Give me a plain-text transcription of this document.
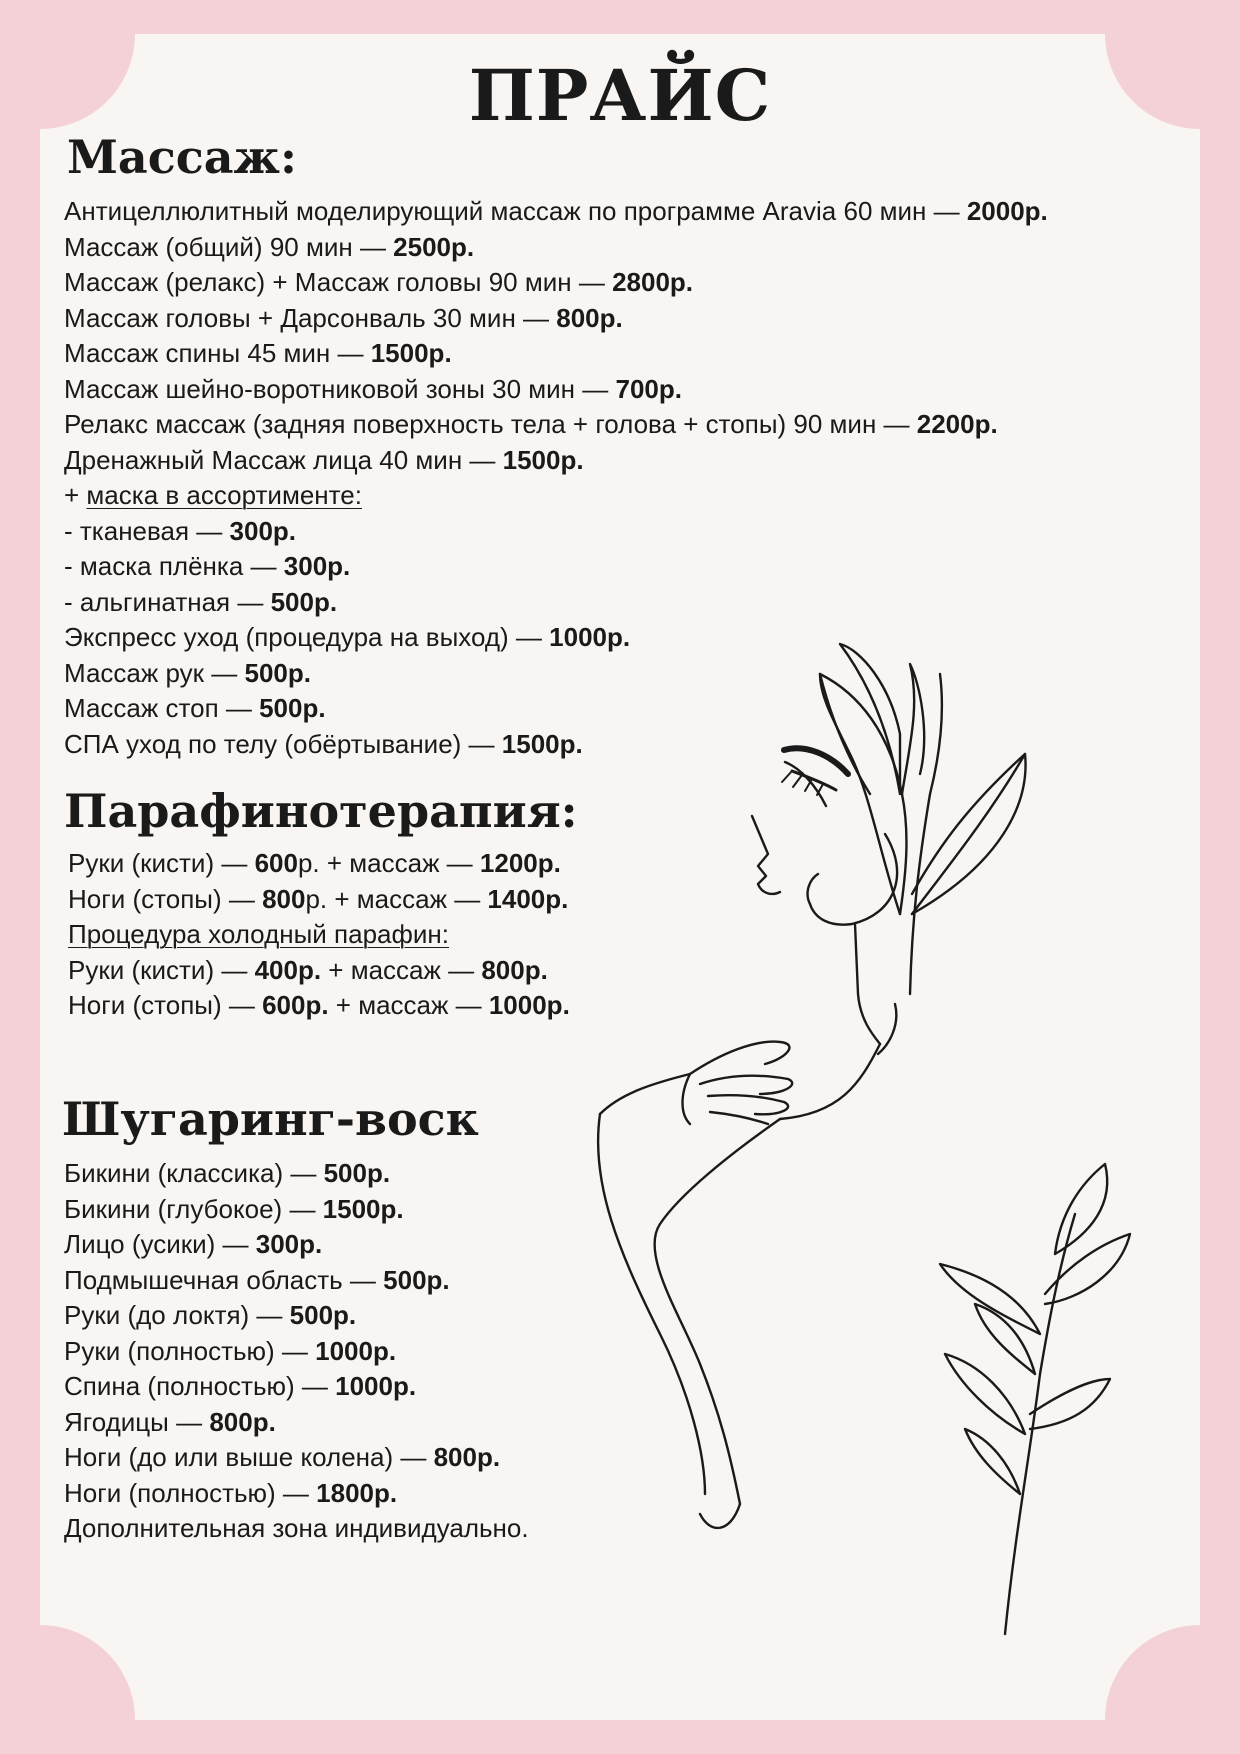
ПРАЙС
Массаж:
Антицеллюлитный моделирующий массаж по программе Aravia 60 мин — 2000р.
Массаж (общий) 90 мин — 2500р.
Массаж (релакс) + Массаж головы 90 мин — 2800р.
Массаж головы + Дарсонваль 30 мин — 800р.
Массаж спины 45 мин — 1500р.
Массаж шейно-воротниковой зоны 30 мин — 700р.
Релакс массаж (задняя поверхность тела + голова + стопы) 90 мин — 2200р.
Дренажный Массаж лица 40 мин — 1500р.
+ маска в ассортименте:
- тканевая — 300р.
- маска плёнка — 300р.
- альгинатная — 500р.
Экспресс уход (процедура на выход) — 1000р.
Массаж рук — 500р.
Массаж стоп — 500р.
СПА уход по телу (обёртывание) — 1500р.
Парафинотерапия:
Руки (кисти) — 600р. + массаж — 1200р.
Ноги (стопы) — 800р. + массаж — 1400р.
Процедура холодный парафин:
Руки (кисти) — 400р. + массаж — 800р.
Ноги (стопы) — 600р. + массаж — 1000р.
Шугаринг-воск
Бикини (классика) — 500р.
Бикини (глубокое) — 1500р.
Лицо (усики) — 300р.
Подмышечная область — 500р.
Руки (до локтя) — 500р.
Руки (полностью) — 1000р.
Спина (полностью) — 1000р.
Ягодицы — 800р.
Ноги (до или выше колена) — 800р.
Ноги (полностью) — 1800р.
Дополнительная зона индивидуально.
